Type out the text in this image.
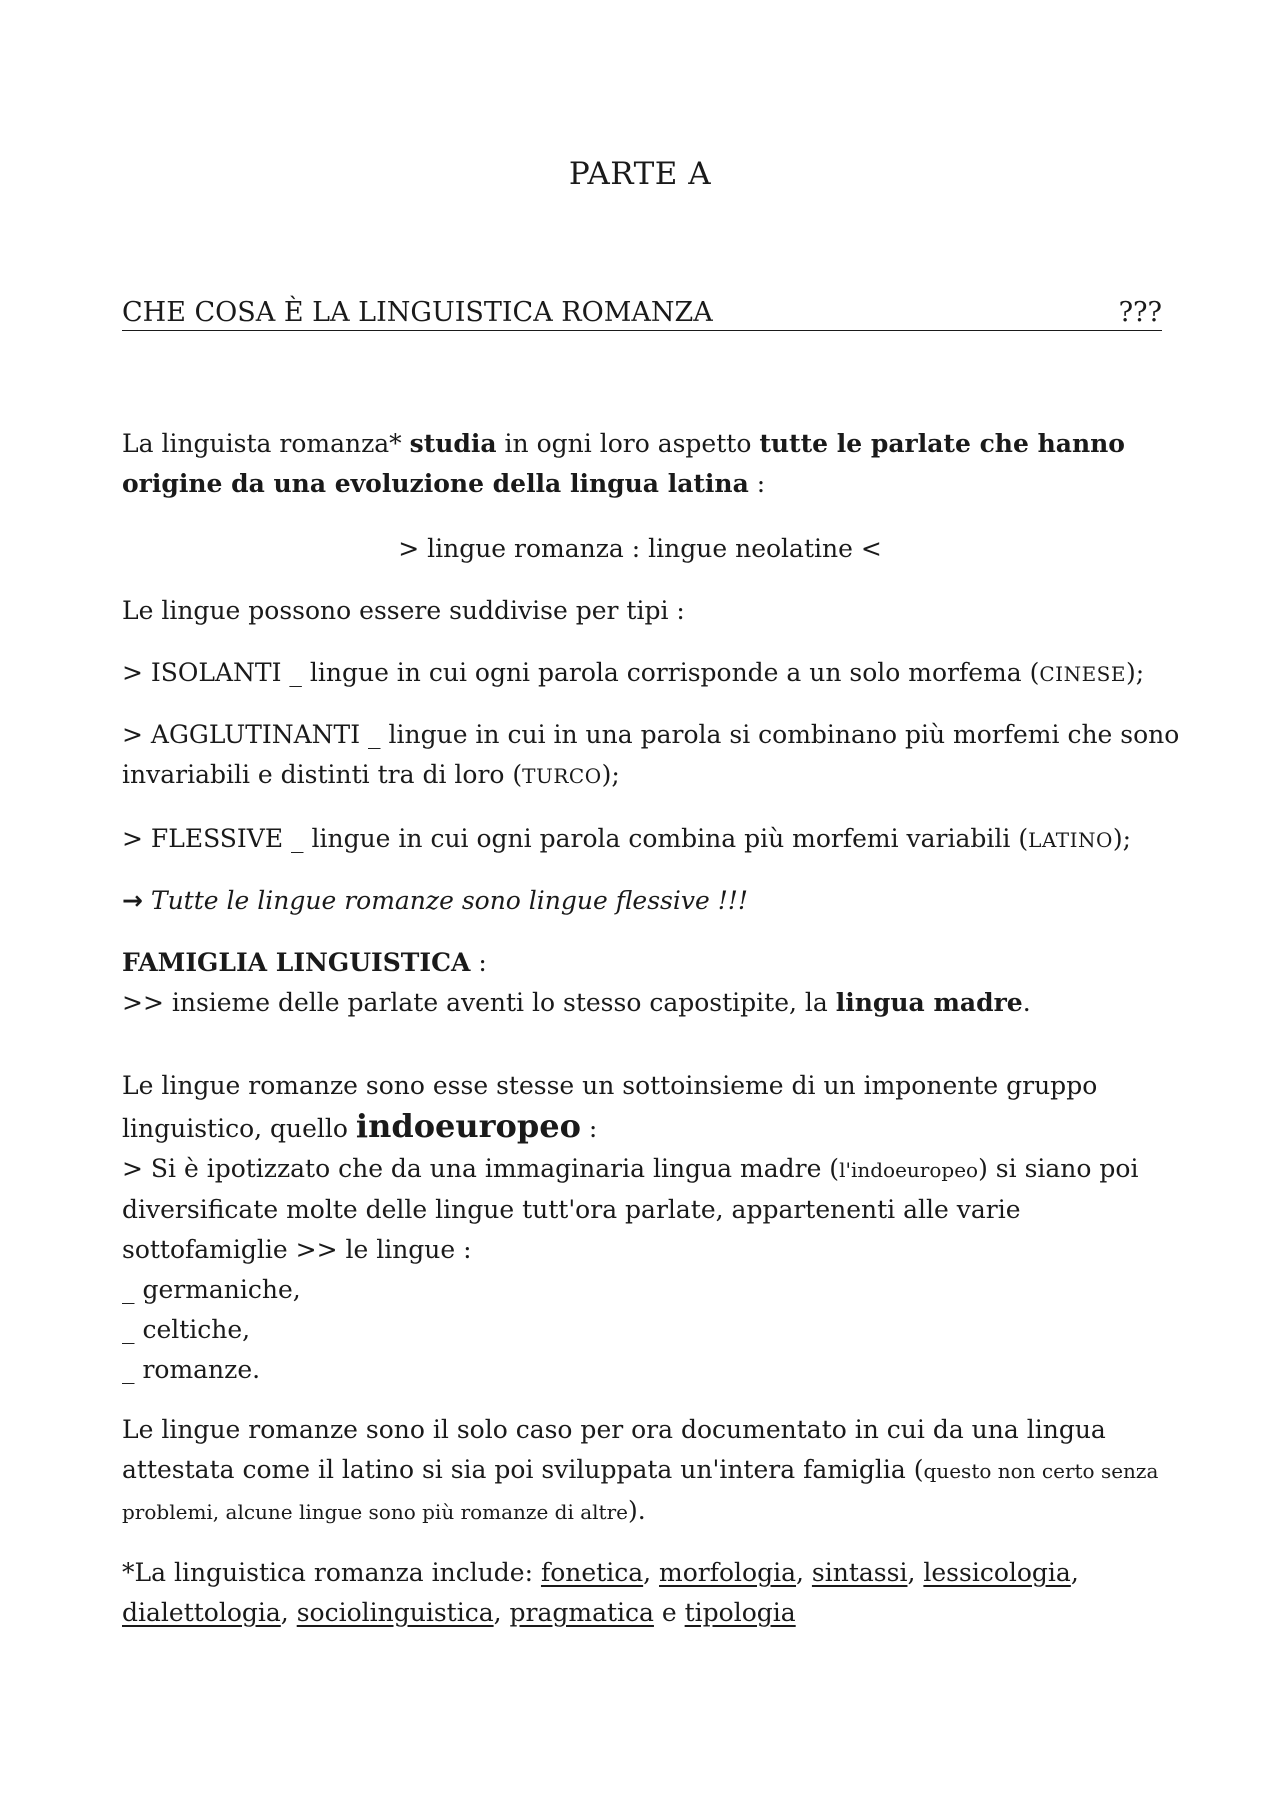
PARTE A
CHE COSA È LA LINGUISTICA ROMANZA	???
La linguista romanza* studia in ogni loro aspetto tutte le parlate che hanno origine da una evoluzione della lingua latina :
> lingue romanza : lingue neolatine <
Le lingue possono essere suddivise per tipi :
> ISOLANTI _ lingue in cui ogni parola corrisponde a un solo morfema (CINESE);
> AGGLUTINANTI _ lingue in cui in una parola si combinano più morfemi che sono invariabili e distinti tra di loro (TURCO);
> FLESSIVE _ lingue in cui ogni parola combina più morfemi variabili (LATINO);
→ Tutte le lingue romanze sono lingue flessive !!!
FAMIGLIA LINGUISTICA :
>> insieme delle parlate aventi lo stesso capostipite, la lingua madre.
Le lingue romanze sono esse stesse un sottoinsieme di un imponente gruppo linguistico, quello indoeuropeo :
> Si è ipotizzato che da una immaginaria lingua madre (l'indoeuropeo) si siano poi diversificate molte delle lingue tutt'ora parlate, appartenenti alle varie sottofamiglie >> le lingue :
_ germaniche,
_ celtiche,
_ romanze.
Le lingue romanze sono il solo caso per ora documentato in cui da una lingua attestata come il latino si sia poi sviluppata un'intera famiglia (questo non certo senza problemi, alcune lingue sono più romanze di altre).
*La linguistica romanza include: fonetica, morfologia, sintassi, lessicologia, dialettologia, sociolinguistica, pragmatica e tipologia
